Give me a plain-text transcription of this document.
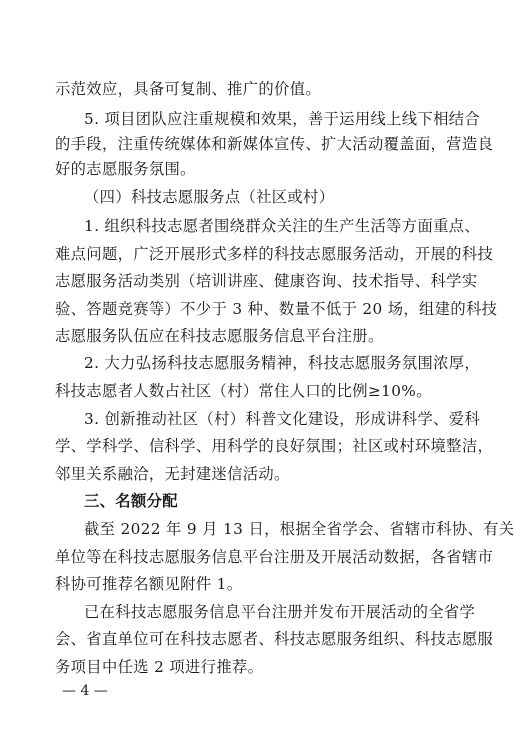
示范效应，具备可复制、推广的价值。
5. 项目团队应注重规模和效果，善于运用线上线下相结合
的手段，注重传统媒体和新媒体宣传、扩大活动覆盖面，营造良
好的志愿服务氛围。
（四）科技志愿服务点（社区或村）
1. 组织科技志愿者围绕群众关注的生产生活等方面重点、
难点问题，广泛开展形式多样的科技志愿服务活动，开展的科技
志愿服务活动类别（培训讲座、健康咨询、技术指导、科学实
验、答题竞赛等）不少于 3 种、数量不低于 20 场，组建的科技
志愿服务队伍应在科技志愿服务信息平台注册。
2. 大力弘扬科技志愿服务精神，科技志愿服务氛围浓厚，
科技志愿者人数占社区（村）常住人口的比例≥10%。
3. 创新推动社区（村）科普文化建设，形成讲科学、爱科
学、学科学、信科学、用科学的良好氛围；社区或村环境整洁，
邻里关系融洽，无封建迷信活动。
三、名额分配
截至 2022 年 9 月 13 日，根据全省学会、省辖市科协、有关
单位等在科技志愿服务信息平台注册及开展活动数据，各省辖市
科协可推荐名额见附件 1。
已在科技志愿服务信息平台注册并发布开展活动的全省学
会、省直单位可在科技志愿者、科技志愿服务组织、科技志愿服
务项目中任选 2 项进行推荐。
— 4 —
